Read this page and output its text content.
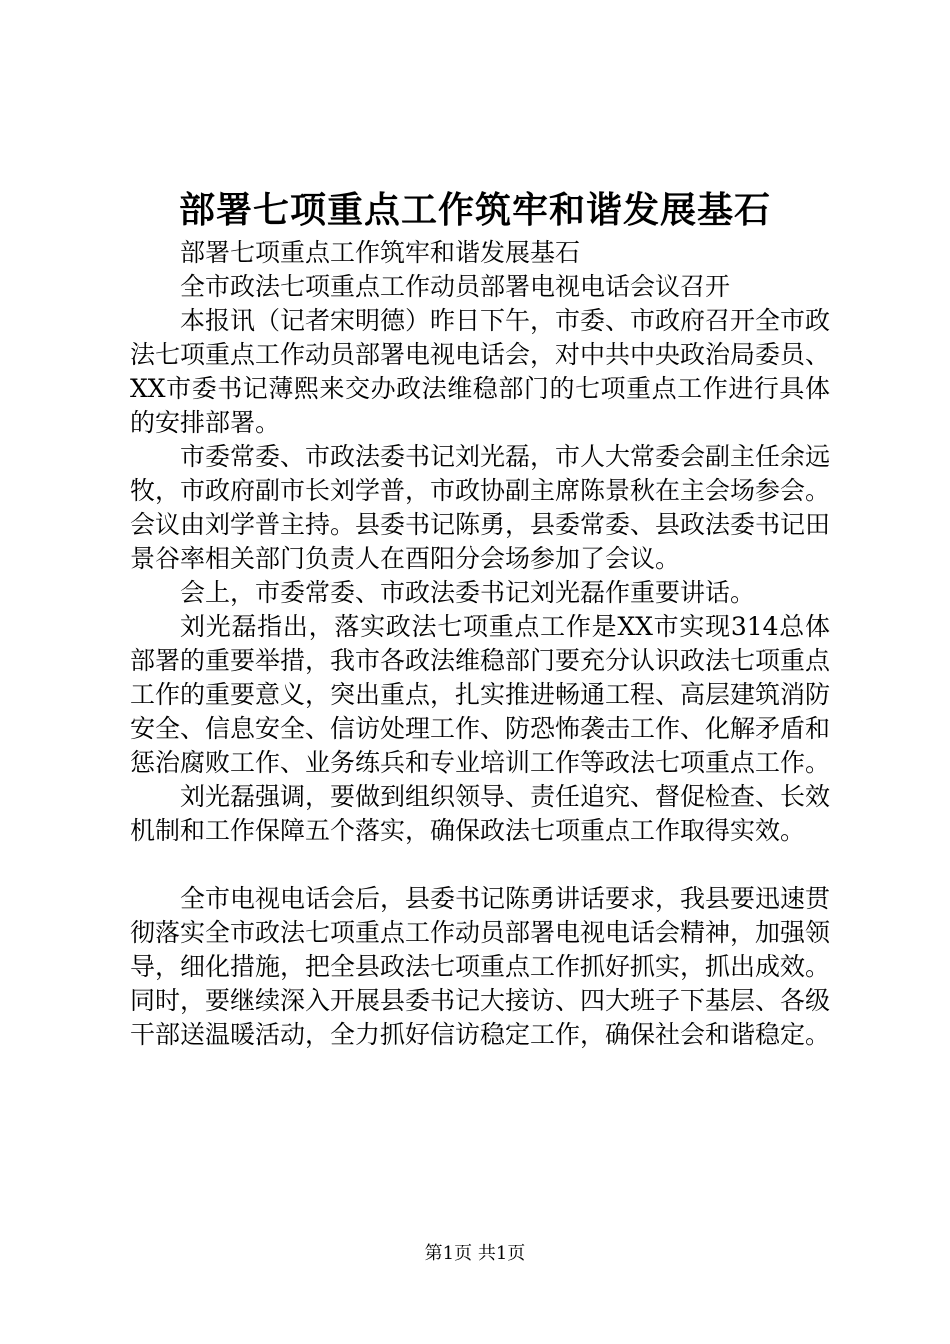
部署七项重点工作筑牢和谐发展基石

部署七项重点工作筑牢和谐发展基石

全市政法七项重点工作动员部署电视电话会议召开

本报讯（记者宋明德）昨日下午，市委、市政府召开全市政法七项重点工作动员部署电视电话会，对中共中央政治局委员、XX市委书记薄熙来交办政法维稳部门的七项重点工作进行具体的安排部署。

市委常委、市政法委书记刘光磊，市人大常委会副主任余远牧，市政府副市长刘学普，市政协副主席陈景秋在主会场参会。会议由刘学普主持。县委书记陈勇，县委常委、县政法委书记田景谷率相关部门负责人在酉阳分会场参加了会议。

会上，市委常委、市政法委书记刘光磊作重要讲话。

刘光磊指出，落实政法七项重点工作是XX市实现314总体部署的重要举措，我市各政法维稳部门要充分认识政法七项重点工作的重要意义，突出重点，扎实推进畅通工程、高层建筑消防安全、信息安全、信访处理工作、防恐怖袭击工作、化解矛盾和惩治腐败工作、业务练兵和专业培训工作等政法七项重点工作。

刘光磊强调，要做到组织领导、责任追究、督促检查、长效机制和工作保障五个落实，确保政法七项重点工作取得实效。

全市电视电话会后，县委书记陈勇讲话要求，我县要迅速贯彻落实全市政法七项重点工作动员部署电视电话会精神，加强领导，细化措施，把全县政法七项重点工作抓好抓实，抓出成效。同时，要继续深入开展县委书记大接访、四大班子下基层、各级干部送温暖活动，全力抓好信访稳定工作，确保社会和谐稳定。

第1页 共1页
